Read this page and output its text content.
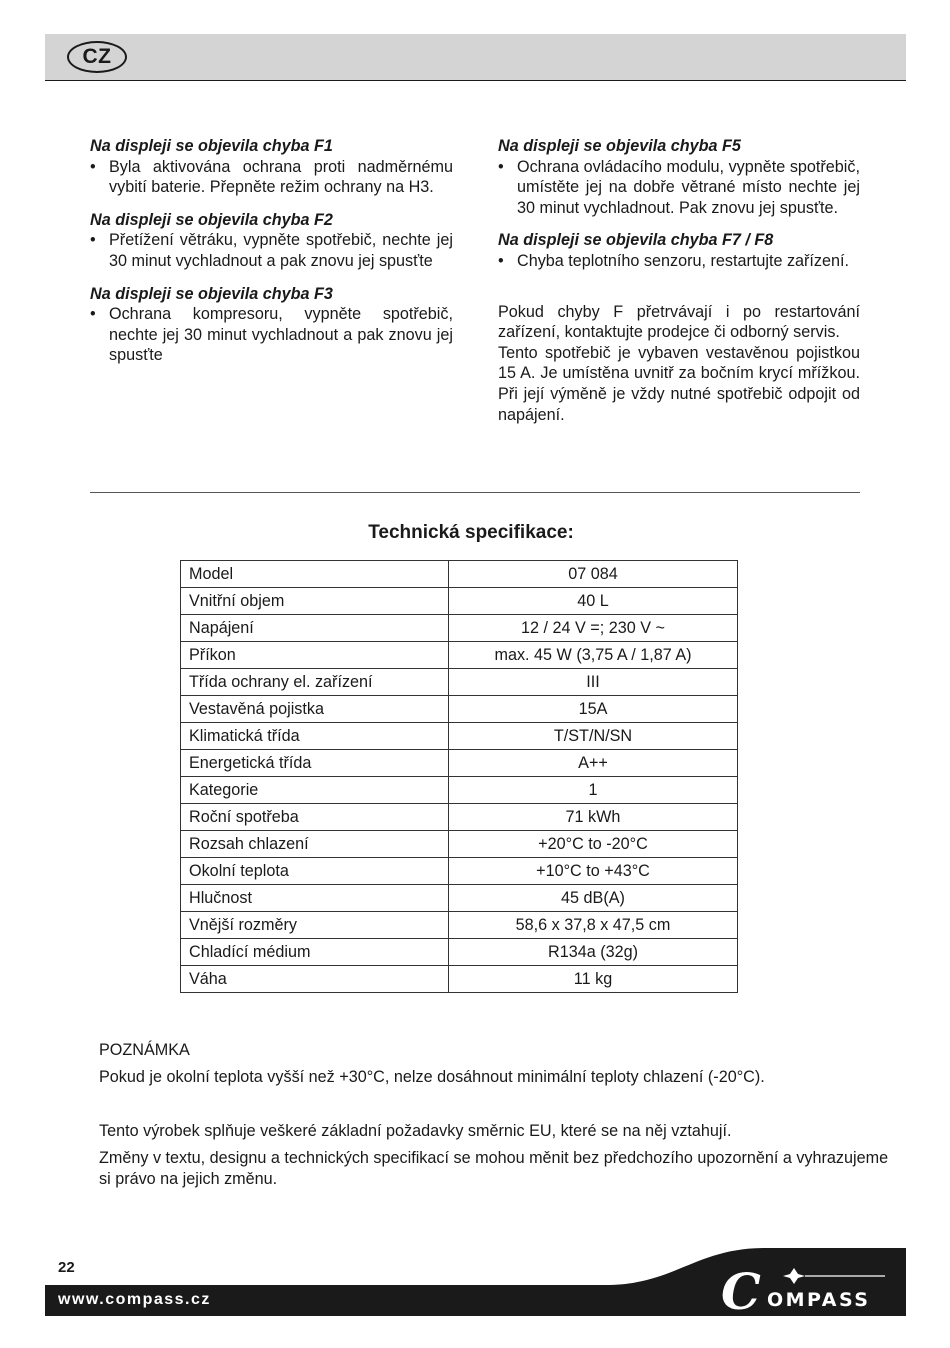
CZ
Na displeji se objevila chyba F1
• Byla aktivována ochrana proti nadměrnému vybití baterie. Přepněte režim ochrany na H3.
Na displeji se objevila chyba F2
• Přetížení větráku, vypněte spotřebič, nechte jej 30 minut vychladnout a pak znovu jej spusťte
Na displeji se objevila chyba F3
• Ochrana kompresoru, vypněte spotřebič, nechte jej 30 minut vychladnout a pak znovu jej spusťte
Na displeji se objevila chyba F5
• Ochrana ovládacího modulu, vypněte spotřebič, umístěte jej na dobře větrané místo nechte jej 30 minut vychladnout. Pak znovu jej spusťte.
Na displeji se objevila chyba F7 / F8
• Chyba teplotního senzoru, restartujte zařízení.
Pokud chyby F přetrvávají i po restartování zařízení, kontaktujte prodejce či odborný servis.
Tento spotřebič je vybaven vestavěnou pojistkou 15 A. Je umístěna uvnitř za bočním krycí mřížkou. Při její výměně je vždy nutné spotřebič odpojit od napájení.
Technická specifikace:
Model	07 084
Vnitřní objem	40 L
Napájení	12 / 24 V =; 230 V ~
Příkon	max. 45 W (3,75 A / 1,87 A)
Třída ochrany el. zařízení	III
Vestavěná pojistka	15A
Klimatická třída	T/ST/N/SN
Energetická třída	A++
Kategorie	1
Roční spotřeba	71 kWh
Rozsah chlazení	+20°C to -20°C
Okolní teplota	+10°C to +43°C
Hlučnost	45 dB(A)
Vnější rozměry	58,6 x 37,8 x 47,5 cm
Chladící médium	R134a (32g)
Váha	11 kg
POZNÁMKA
Pokud je okolní teplota vyšší než +30°C, nelze dosáhnout minimální teploty chlazení (-20°C).
Tento výrobek splňuje veškeré základní požadavky směrnic EU, které se na něj vztahují.
Změny v textu, designu a technických specifikací se mohou měnit bez předchozího upozornění a vyhrazujeme si právo na jejich změnu.
22	C OMPASS
www.compass.cz
